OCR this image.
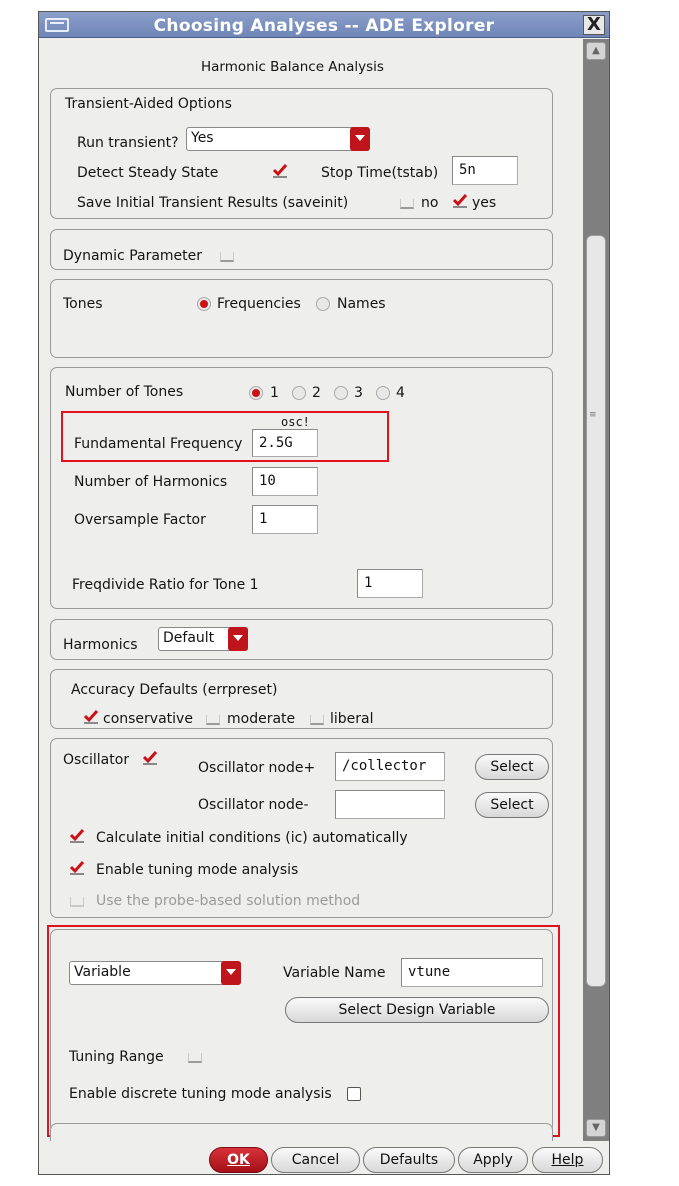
Choosing Analyses -- ADE Explorer	X
Harmonic Balance Analysis
Transient-Aided Options
Run transient? Yes
Detect Steady State	Stop Time(tstab)	5n
Save Initial Transient Results (saveinit)	no yes
Dynamic Parameter
Tones	Frequencies	Names
Number of Tones	1 2 3 4
osc!
Fundamental Frequency	2.5G
Number of Harmonics	10
Oversample Factor	1
Freqdivide Ratio for Tone 1	1
Harmonics	Default
Accuracy Defaults (errpreset)
conservative moderate liberal
Oscillator	Oscillator node+	/collector	Select
Oscillator node-	Select
Calculate initial conditions (ic) automatically
Enable tuning mode analysis
Use the probe-based solution method
Variable	Variable Name	vtune
Select Design Variable
Tuning Range
Enable discrete tuning mode analysis
▲
≡
▼
OK	Cancel	Defaults	Apply	Help
